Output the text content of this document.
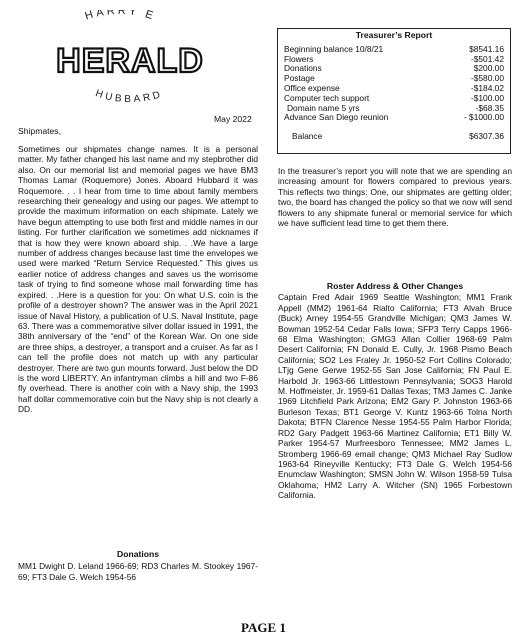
HARRY E
HERALD
HUBBARD
May 2022
Shipmates,
Sometimes our shipmates change names. It is a personal matter. My father changed his last name and my stepbrother did also. On our memorial list and memorial pages we have BM3 Thomas Lamar (Roquemore) Jones. Aboard Hubbard it was Roquemore. . . I hear from time to time about family members researching their genealogy and using our pages. We attempt to provide the maximum information on each shipmate. Lately we have begun attempting to use both first and middle names in our listing. For further clarification we sometimes add nicknames if that is how they were known aboard ship. . .We have a large number of address changes because last time the envelopes we used were marked “Return Service Requested.” This gives us earlier notice of address changes and saves us the worrisome task of trying to find someone whose mail forwarding time has expired. . .Here is a question for you: On what U.S. coin is the profile of a destroyer shown? The answer was in the April 2021 issue of Naval History, a publication of U.S. Naval Institute, page 63. There was a commemorative silver dollar issued in 1991, the 38th anniversary of the “end” of the Korean War. On one side are three ships, a destroyer, a transport and a cruiser. As far as I can tell the profile does not match up with any particular destroyer. There are two gun mounts forward. Just below the DD is the word LIBERTY. An infantryman climbs a hill and two F-86 fly overhead. There is another coin with a Navy ship, the 1993 half dollar commemorative coin but the Navy ship is not clearly a DD.
Donations

MM1 Dwight D. Leland 1966-69; RD3 Charles M. Stookey 1967-69; FT3 Dale G. Welch 1954-56

Treasurer’s Report
Beginning balance 10/8/21	$8541.16
Flowers	-$501.42
Donations	$200.00
Postage	-$580.00
Office expense	-$184.02
Computer tech support	-$100.00
Domain name 5 yrs	-$68.35
Advance San Diego reunion	- $1000.00
Balance	$6307.36
In the treasurer’s report you will note that we are spending an increasing amount for flowers compared to previous years. This reflects two things: One, our shipmates are getting older; two, the board has changed the policy so that we now will send flowers to any shipmate funeral or memorial service for which we have sufficient lead time to get them there.
Roster Address & Other Changes

Captain Fred Adair 1969 Seattle Washington; MM1 Frank Appell (MM2) 1961-64 Rialto California; FT3 Alvah Bruce (Buck) Arney 1954-55 Grandville Michigan; QM3 James W. Bowman 1952-54 Cedar Falls Iowa; SFP3 Terry Capps 1966-68 Elma Washington; GMG3 Allan Collier 1968-69 Palm Desert California; FN Donald E. Cully, Jr. 1968 Pismo Beach California; SO2 Les Fraley Jr. 1950-52 Fort Collins Colorado; LTjg Gene Gerwe 1952-55 San Jose California; FN Paul E. Harbold Jr. 1963-66 Littlestown Pennsylvania; SOG3 Harold M. Hoffmeister, Jr. 1959-61 Dallas Texas; TM3 James C. Janke 1969 Litchfield Park Arizona; EM2 Gary P. Johnston 1963-66 Burleson Texas; BT1 George V. Kuntz 1963-66 Tolna North Dakota; BTFN Clarence Nesse 1954-55 Palm Harbor Florida; RD2 Gary Padgett 1963-66 Martinez California; ET1 Billy W. Parker 1954-57 Murfreesboro Tennessee; MM2 James L. Stromberg 1966-69 email change; QM3 Michael Ray Sudlow 1963-64 Rineyville Kentucky; FT3 Dale G. Welch 1954-56 Enumclaw Washington; SMSN John W. Wilson 1958-59 Tulsa Oklahoma; HM2 Larry A. Witcher (SN) 1965 Forbestown California.

PAGE 1
